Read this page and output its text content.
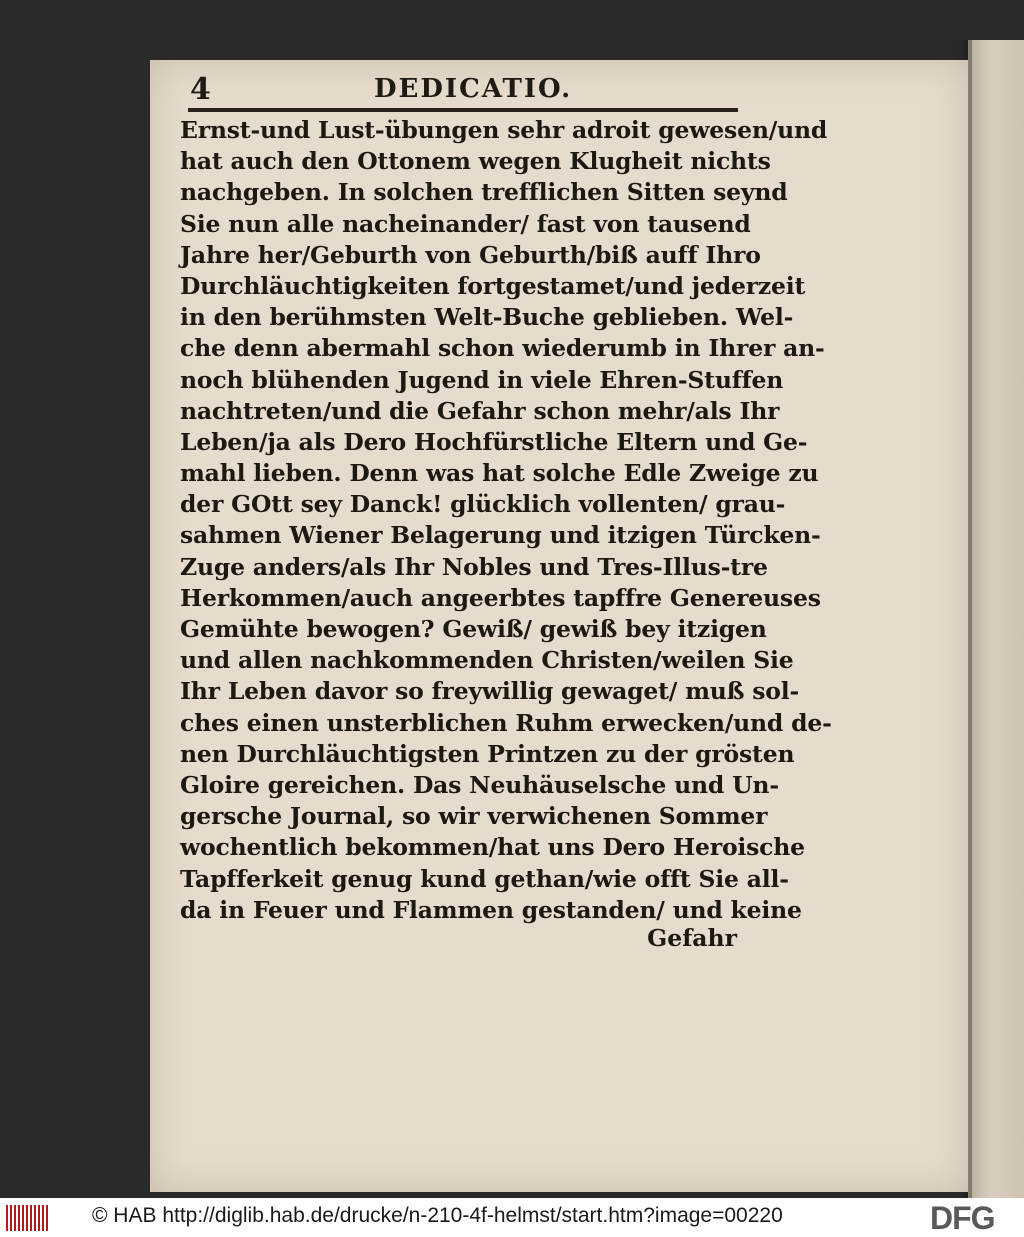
4	DEDICATIO.
Ernst-und Lust-übungen sehr adroit gewesen/und
hat auch den Ottonem wegen Klugheit nichts
nachgeben. In solchen trefflichen Sitten seynd
Sie nun alle nacheinander/ fast von tausend
Jahre her/Geburth von Geburth/biß auff Ihro
Durchläuchtigkeiten fortgestamet/und jederzeit
in den berühmsten Welt-Buche geblieben. Wel-
che denn abermahl schon wiederumb in Ihrer an-
noch blühenden Jugend in viele Ehren-Stuffen
nachtreten/und die Gefahr schon mehr/als Ihr
Leben/ja als Dero Hochfürstliche Eltern und Ge-
mahl lieben. Denn was hat solche Edle Zweige zu
der GOtt sey Danck! glücklich vollenten/ grau-
sahmen Wiener Belagerung und itzigen Türcken-
Zuge anders/als Ihr Nobles und Tres-Illus-tre
Herkommen/auch angeerbtes tapffre Genereuses
Gemühte bewogen? Gewiß/ gewiß bey itzigen
und allen nachkommenden Christen/weilen Sie
Ihr Leben davor so freywillig gewaget/ muß sol-
ches einen unsterblichen Ruhm erwecken/und de-
nen Durchläuchtigsten Printzen zu der grösten
Gloire gereichen. Das Neuhäuselsche und Un-
gersche Journal, so wir verwichenen Sommer
wochentlich bekommen/hat uns Dero Heroische
Tapfferkeit genug kund gethan/wie offt Sie all-
da in Feuer und Flammen gestanden/ und keine
Gefahr
© HAB http://diglib.hab.de/drucke/n-210-4f-helmst/start.htm?image=00220	DFG
